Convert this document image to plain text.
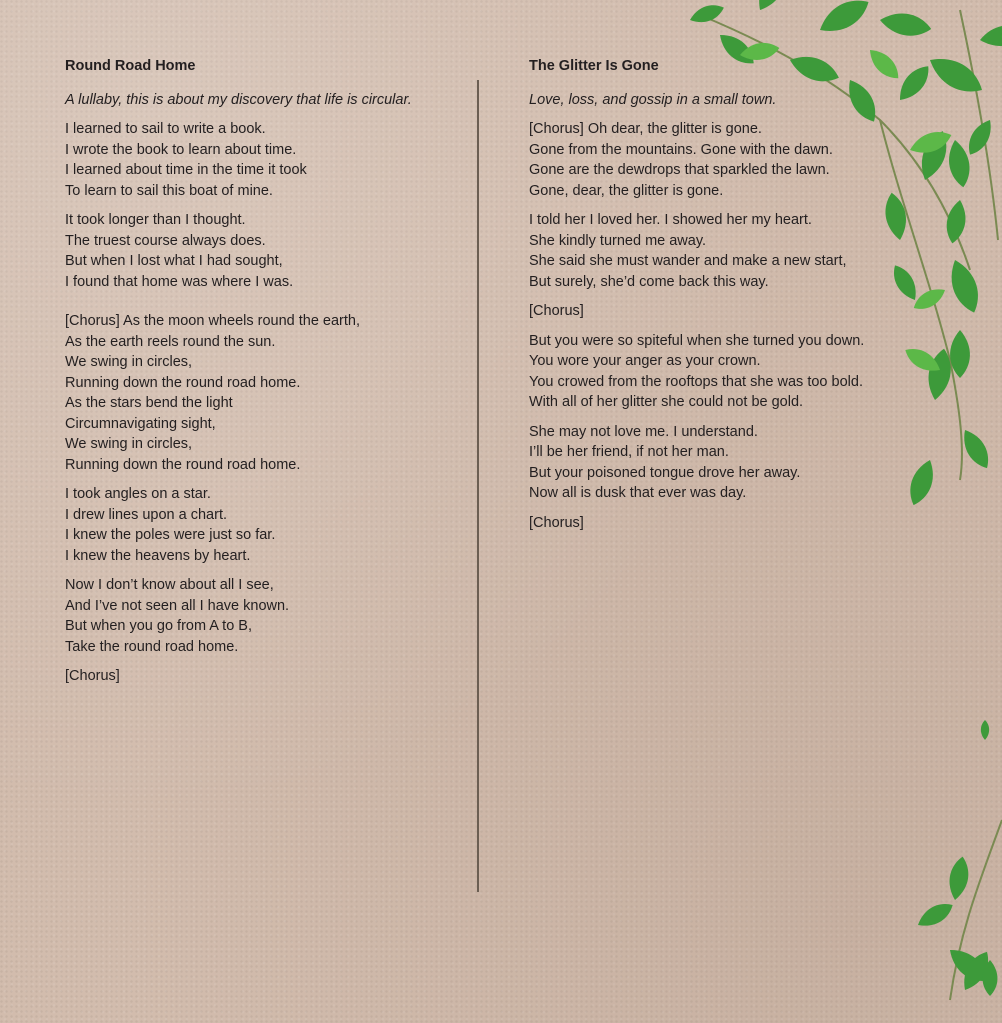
Round Road Home
A lullaby, this is about my discovery that life is circular.
I learned to sail to write a book.
I wrote the book to learn about time.
I learned about time in the time it took
To learn to sail this boat of mine.
It took longer than I thought.
The truest course always does.
But when I lost what I had sought,
I found that home was where I was.
[Chorus] As the moon wheels round the earth,
As the earth reels round the sun.
We swing in circles,
Running down the round road home.
As the stars bend the light
Circumnavigating sight,
We swing in circles,
Running down the round road home.
I took angles on a star.
I drew lines upon a chart.
I knew the poles were just so far.
I knew the heavens by heart.
Now I don’t know about all I see,
And I’ve not seen all I have known.
But when you go from A to B,
Take the round road home.
[Chorus]
The Glitter Is Gone
Love, loss, and gossip in a small town.
[Chorus] Oh dear, the glitter is gone.
Gone from the mountains. Gone with the dawn.
Gone are the dewdrops that sparkled the lawn.
Gone, dear, the glitter is gone.
I told her I loved her. I showed her my heart.
She kindly turned me away.
She said she must wander and make a new start,
But surely, she’d come back this way.
[Chorus]
But you were so spiteful when she turned you down.
You wore your anger as your crown.
You crowed from the rooftops that she was too bold.
With all of her glitter she could not be gold.
She may not love me. I understand.
I’ll be her friend, if not her man.
But your poisoned tongue drove her away.
Now all is dusk that ever was day.
[Chorus]
